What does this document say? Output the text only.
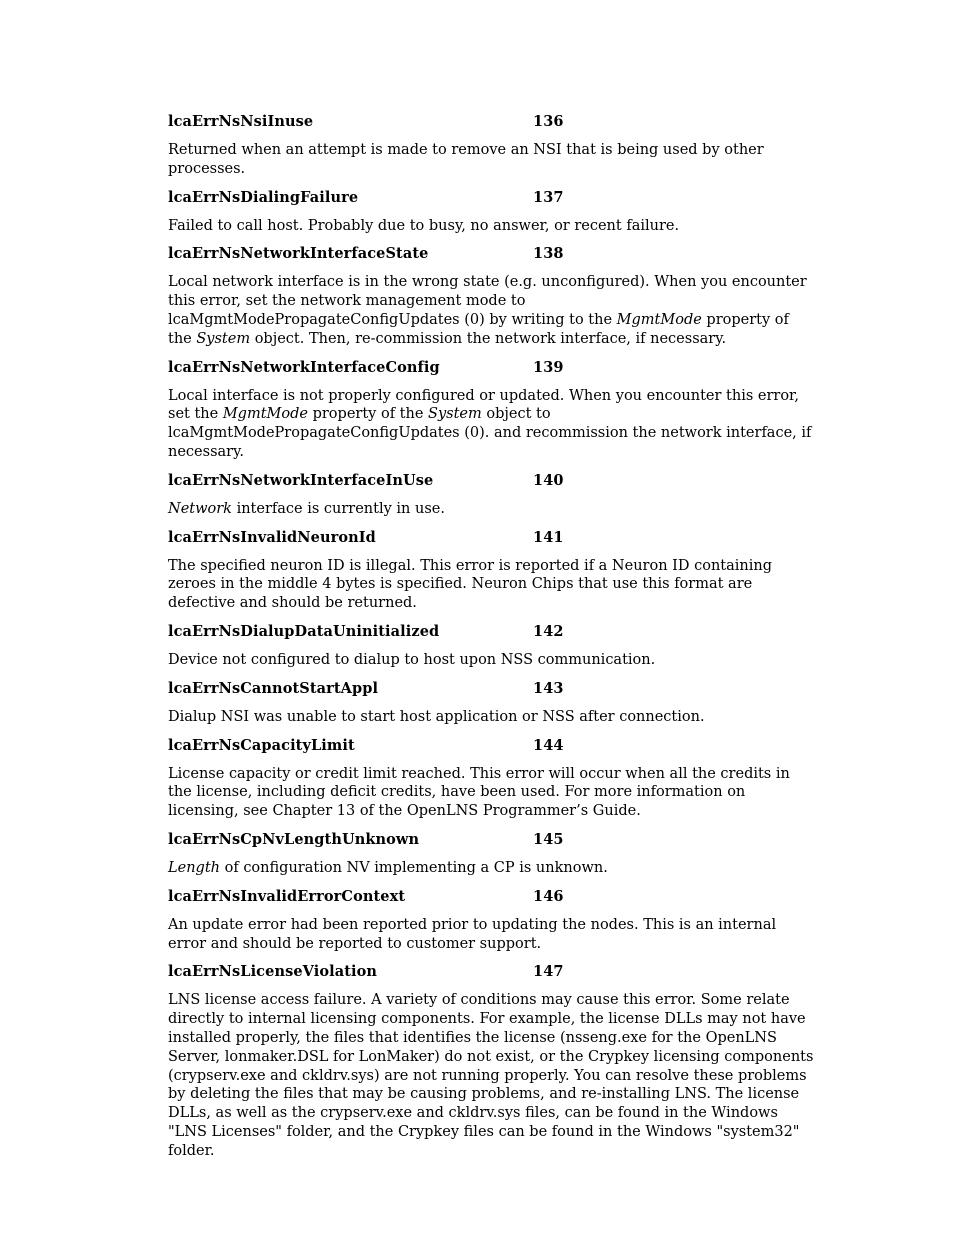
lcaErrNsNsiInuse	136

Returned when an attempt is made to remove an NSI that is being used by other processes.

lcaErrNsDialingFailure	137

Failed to call host. Probably due to busy, no answer, or recent failure.

lcaErrNsNetworkInterfaceState	138

Local network interface is in the wrong state (e.g. unconfigured). When you encounter this error, set the network management mode to lcaMgmtModePropagateConfigUpdates (0) by writing to the MgmtMode property of the System object. Then, re-commission the network interface, if necessary.

lcaErrNsNetworkInterfaceConfig	139

Local interface is not properly configured or updated. When you encounter this error, set the MgmtMode property of the System object to lcaMgmtModePropagateConfigUpdates (0). and recommission the network interface, if necessary.

lcaErrNsNetworkInterfaceInUse	140

Network interface is currently in use.

lcaErrNsInvalidNeuronId	141

The specified neuron ID is illegal. This error is reported if a Neuron ID containing zeroes in the middle 4 bytes is specified. Neuron Chips that use this format are defective and should be returned.

lcaErrNsDialupDataUninitialized	142

Device not configured to dialup to host upon NSS communication.

lcaErrNsCannotStartAppl	143

Dialup NSI was unable to start host application or NSS after connection.

lcaErrNsCapacityLimit	144

License capacity or credit limit reached. This error will occur when all the credits in the license, including deficit credits, have been used. For more information on licensing, see Chapter 13 of the OpenLNS Programmer’s Guide.

lcaErrNsCpNvLengthUnknown	145

Length of configuration NV implementing a CP is unknown.

lcaErrNsInvalidErrorContext	146

An update error had been reported prior to updating the nodes. This is an internal error and should be reported to customer support.

lcaErrNsLicenseViolation	147

LNS license access failure. A variety of conditions may cause this error. Some relate directly to internal licensing components. For example, the license DLLs may not have installed properly, the files that identifies the license (nsseng.exe for the OpenLNS Server, lonmaker.DSL for LonMaker) do not exist, or the Crypkey licensing components (crypserv.exe and ckldrv.sys) are not running properly. You can resolve these problems by deleting the files that may be causing problems, and re-installing LNS. The license DLLs, as well as the crypserv.exe and ckldrv.sys files, can be found in the Windows "LNS Licenses" folder, and the Crypkey files can be found in the Windows "system32" folder.
